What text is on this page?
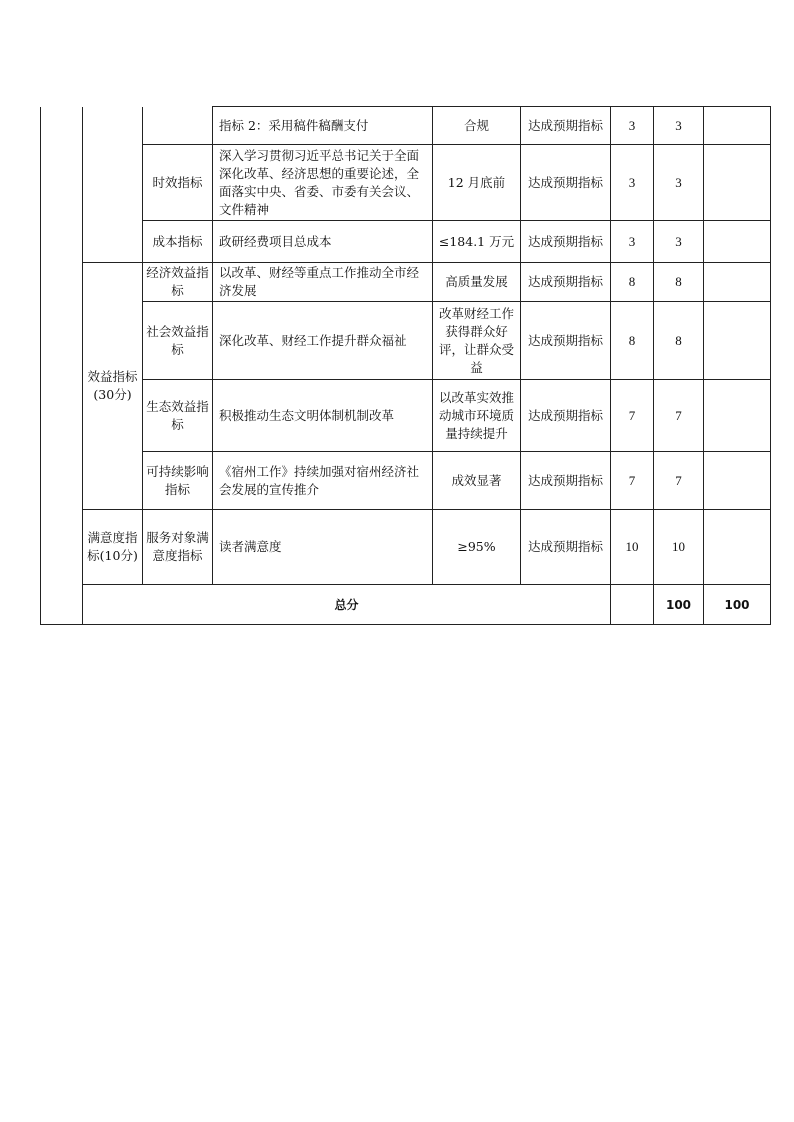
			指标 2：采用稿件稿酬支付	合规	达成预期指标	3	3		
		时效指标	深入学习贯彻习近平总书记关于全面深化改革、经济思想的重要论述，全面落实中央、省委、市委有关会议、文件精神	12 月底前	达成预期指标	3	3		
		成本指标	政研经费项目总成本	≤184.1 万元	达成预期指标	3	3		
	效益指标(30分)	经济效益指标	以改革、财经等重点工作推动全市经济发展	高质量发展	达成预期指标	8	8		
		社会效益指标	深化改革、财经工作提升群众福祉	改革财经工作获得群众好评，让群众受益	达成预期指标	8	8		
		生态效益指标	积极推动生态文明体制机制改革	以改革实效推动城市环境质量持续提升	达成预期指标	7	7		
		可持续影响指标	《宿州工作》持续加强对宿州经济社会发展的宣传推介	成效显著	达成预期指标	7	7		
	满意度指标(10分)	服务对象满意度指标	读者满意度	≥95%	达成预期指标	10	10		
	总分						100	100	
